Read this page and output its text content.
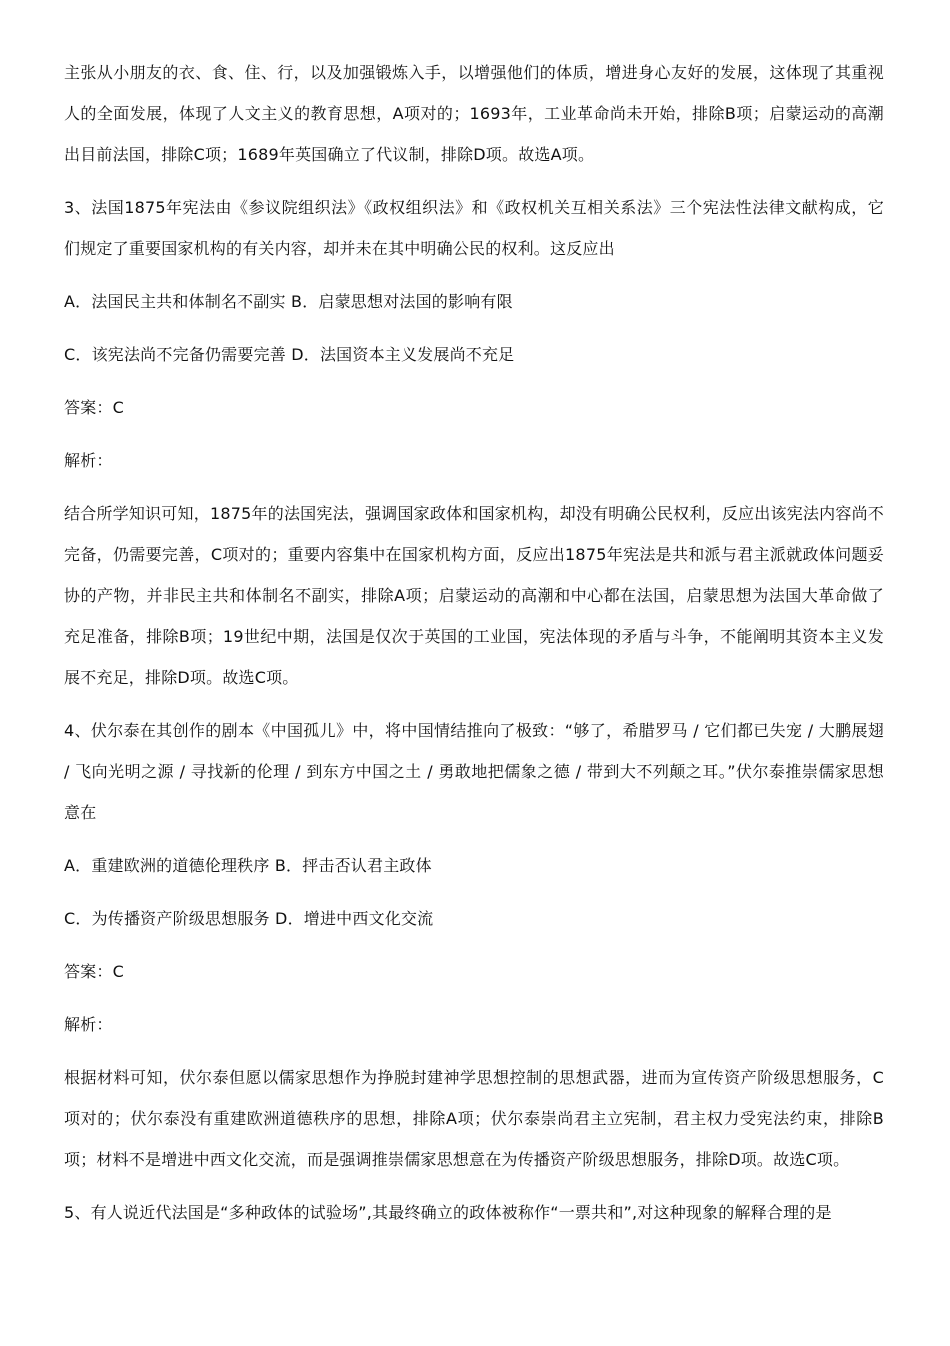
主张从小朋友的衣、食、住、行，以及加强锻炼入手，以增强他们的体质，增进身心友好的发展，这体现了其重视人的全面发展，体现了人文主义的教育思想，A项对的；1693年，工业革命尚未开始，排除B项；启蒙运动的高潮出目前法国，排除C项；1689年英国确立了代议制，排除D项。故选A项。

3、法国1875年宪法由《参议院组织法》《政权组织法》和《政权机关互相关系法》三个宪法性法律文献构成，它们规定了重要国家机构的有关内容，却并未在其中明确公民的权利。这反应出

A．法国民主共和体制名不副实 B．启蒙思想对法国的影响有限

C．该宪法尚不完备仍需要完善 D．法国资本主义发展尚不充足

答案：C

解析：

结合所学知识可知，1875年的法国宪法，强调国家政体和国家机构，却没有明确公民权利，反应出该宪法内容尚不完备，仍需要完善，C项对的；重要内容集中在国家机构方面，反应出1875年宪法是共和派与君主派就政体问题妥协的产物，并非民主共和体制名不副实，排除A项；启蒙运动的高潮和中心都在法国，启蒙思想为法国大革命做了充足准备，排除B项；19世纪中期，法国是仅次于英国的工业国，宪法体现的矛盾与斗争，不能阐明其资本主义发展不充足，排除D项。故选C项。

4、伏尔泰在其创作的剧本《中国孤儿》中，将中国情结推向了极致：“够了，希腊罗马 / 它们都已失宠 / 大鹏展翅 / 飞向光明之源 / 寻找新的伦理 / 到东方中国之土 / 勇敢地把儒象之德 / 带到大不列颠之耳。”伏尔泰推崇儒家思想意在

A．重建欧洲的道德伦理秩序 B．抨击否认君主政体

C．为传播资产阶级思想服务 D．增进中西文化交流

答案：C

解析：

根据材料可知，伏尔泰但愿以儒家思想作为挣脱封建神学思想控制的思想武器，进而为宣传资产阶级思想服务，C项对的；伏尔泰没有重建欧洲道德秩序的思想，排除A项；伏尔泰崇尚君主立宪制，君主权力受宪法约束，排除B项；材料不是增进中西文化交流，而是强调推崇儒家思想意在为传播资产阶级思想服务，排除D项。故选C项。

5、有人说近代法国是“多种政体的试验场”,其最终确立的政体被称作“一票共和”,对这种现象的解释合理的是
